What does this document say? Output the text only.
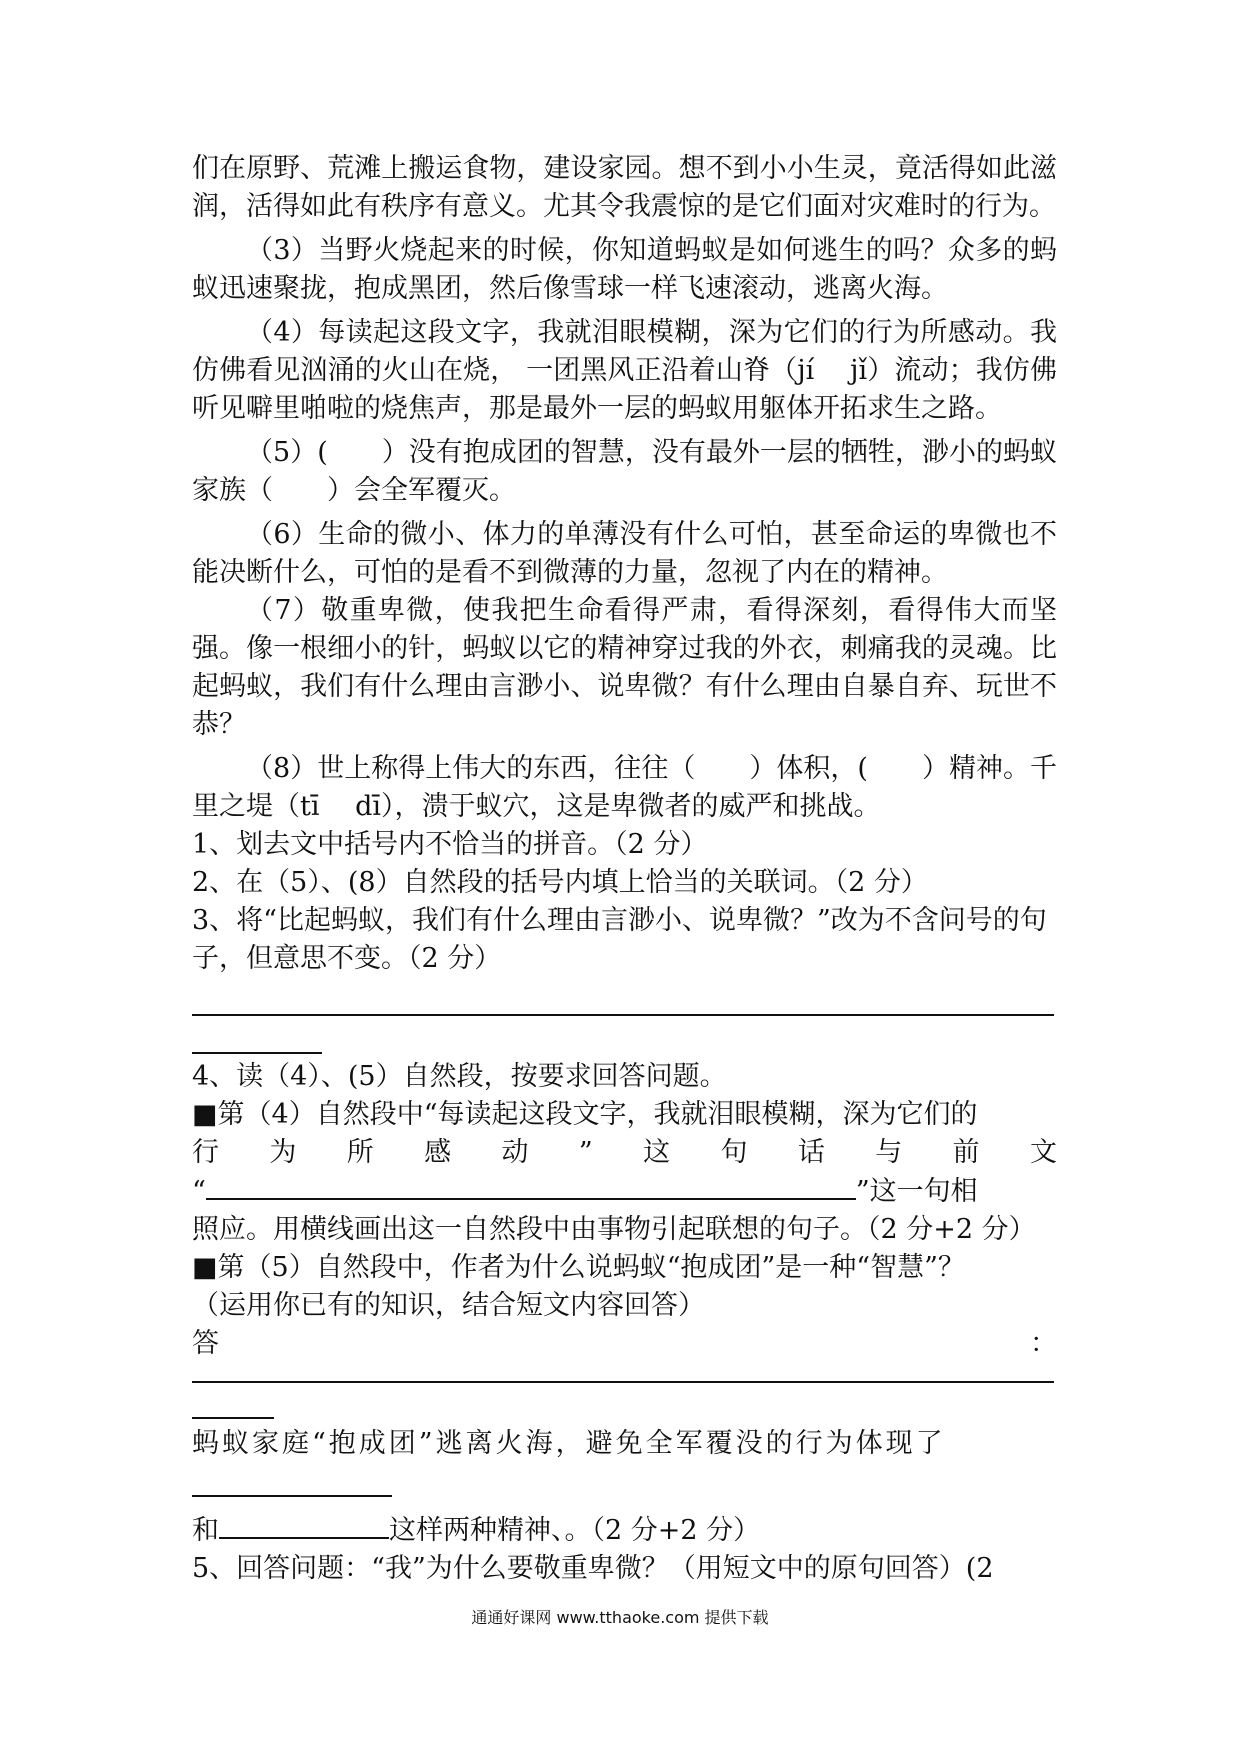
们在原野、荒滩上搬运食物，建设家园。想不到小小生灵，竟活得如此滋润，活得如此有秩序有意义。尤其令我震惊的是它们面对灾难时的行为。

（3）当野火烧起来的时候，你知道蚂蚁是如何逃生的吗？众多的蚂蚁迅速聚拢，抱成黑团，然后像雪球一样飞速滚动，逃离火海。

（4）每读起这段文字，我就泪眼模糊，深为它们的行为所感动。我仿佛看见汹涌的火山在烧， 一团黑风正沿着山脊（jí　 jǐ）流动；我仿佛听见噼里啪啦的烧焦声，那是最外一层的蚂蚁用躯体开拓求生之路。

（5）(　　）没有抱成团的智慧，没有最外一层的牺牲，渺小的蚂蚁家族（　　）会全军覆灭。

（6）生命的微小、体力的单薄没有什么可怕，甚至命运的卑微也不能决断什么，可怕的是看不到微薄的力量，忽视了内在的精神。

（7）敬重卑微，使我把生命看得严肃，看得深刻，看得伟大而坚强。像一根细小的针，蚂蚁以它的精神穿过我的外衣，刺痛我的灵魂。比起蚂蚁，我们有什么理由言渺小、说卑微？有什么理由自暴自弃、玩世不恭？

（8）世上称得上伟大的东西，往往（　　）体积，(　　）精神。千里之堤（tī　 dī），溃于蚁穴，这是卑微者的威严和挑战。

1、划去文中括号内不恰当的拼音。（2 分）

2、在（5）、(8）自然段的括号内填上恰当的关联词。（2 分）

3、将“比起蚂蚁，我们有什么理由言渺小、说卑微？”改为不含问号的句子，但意思不变。（2 分）

4、读（4）、(5）自然段，按要求回答问题。

■第（4）自然段中“每读起这段文字，我就泪眼模糊，深为它们的

行 为 所 感 动 ” 这 句 话 与 前 文

“	”这一句相

照应。用横线画出这一自然段中由事物引起联想的句子。（2 分+2 分）

■第（5）自然段中，作者为什么说蚂蚁“抱成团”是一种“智慧”？

（运用你已有的知识，结合短文内容回答）

答	：

蚂蚁家庭“抱成团”逃离火海，避免全军覆没的行为体现了

和	这样两种精神、。（2 分+2 分）

5、回答问题：“我”为什么要敬重卑微？（用短文中的原句回答）(2

通通好课网 www.tthaoke.com 提供下载
